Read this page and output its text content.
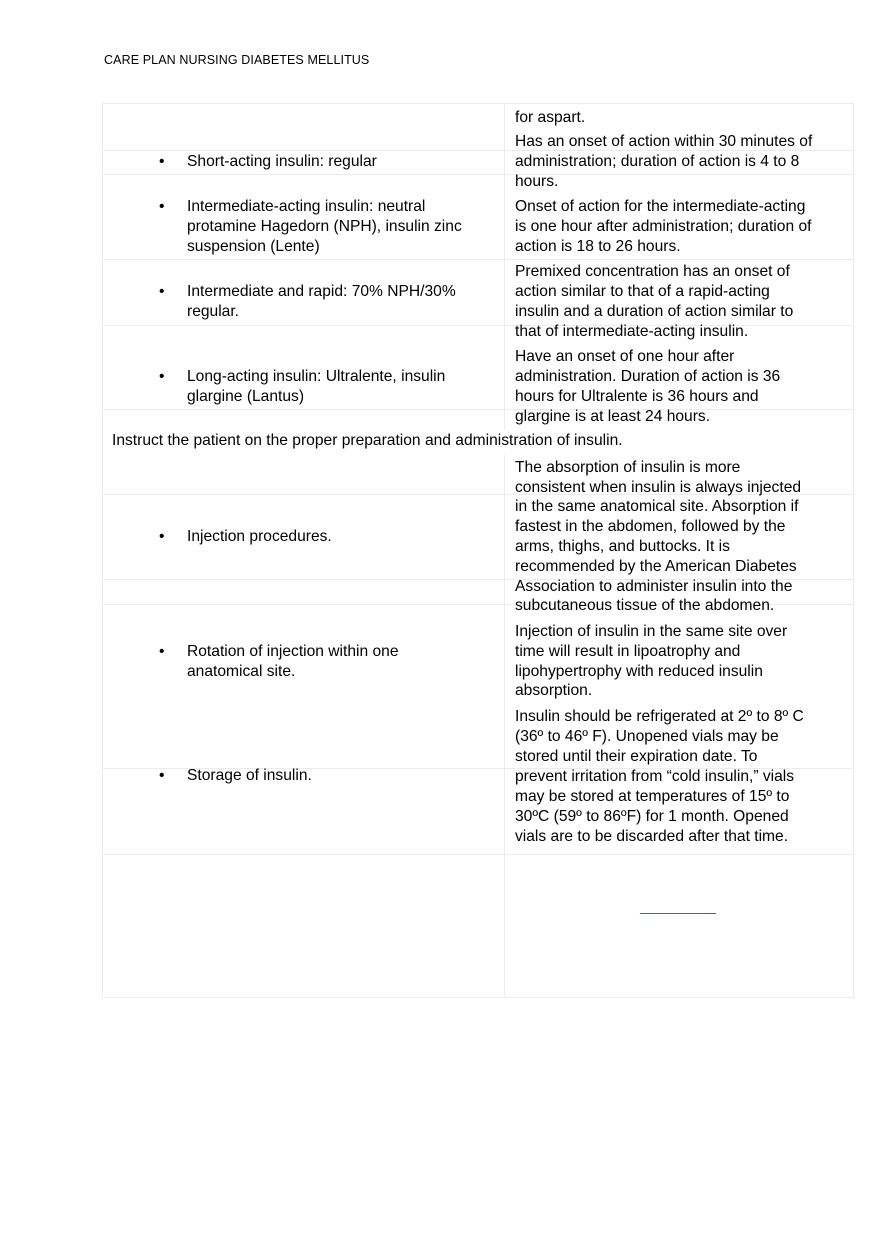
CARE PLAN NURSING DIABETES MELLITUS
for aspart.
Has an onset of action within 30 minutes of
administration; duration of action is 4 to 8
hours.
• Short-acting insulin: regular
Onset of action for the intermediate-acting
is one hour after administration; duration of
action is 18 to 26 hours.
• Intermediate-acting insulin: neutral
protamine Hagedorn (NPH), insulin zinc
suspension (Lente)
Premixed concentration has an onset of
action similar to that of a rapid-acting
insulin and a duration of action similar to
that of intermediate-acting insulin.
• Intermediate and rapid: 70% NPH/30%
regular.
Have an onset of one hour after
administration. Duration of action is 36
hours for Ultralente is 36 hours and
glargine is at least 24 hours.
• Long-acting insulin: Ultralente, insulin
glargine (Lantus)
Instruct the patient on the proper preparation and administration of insulin.
The absorption of insulin is more
consistent when insulin is always injected
in the same anatomical site. Absorption if
fastest in the abdomen, followed by the
arms, thighs, and buttocks. It is
recommended by the American Diabetes
Association to administer insulin into the
subcutaneous tissue of the abdomen.
• Injection procedures.
Injection of insulin in the same site over
time will result in lipoatrophy and
lipohypertrophy with reduced insulin
absorption.
• Rotation of injection within one
anatomical site.
Insulin should be refrigerated at 2º to 8º C
(36º to 46º F). Unopened vials may be
stored until their expiration date. To
prevent irritation from “cold insulin,” vials
may be stored at temperatures of 15º to
30ºC (59º to 86ºF) for 1 month. Opened
vials are to be discarded after that time.
• Storage of insulin.
